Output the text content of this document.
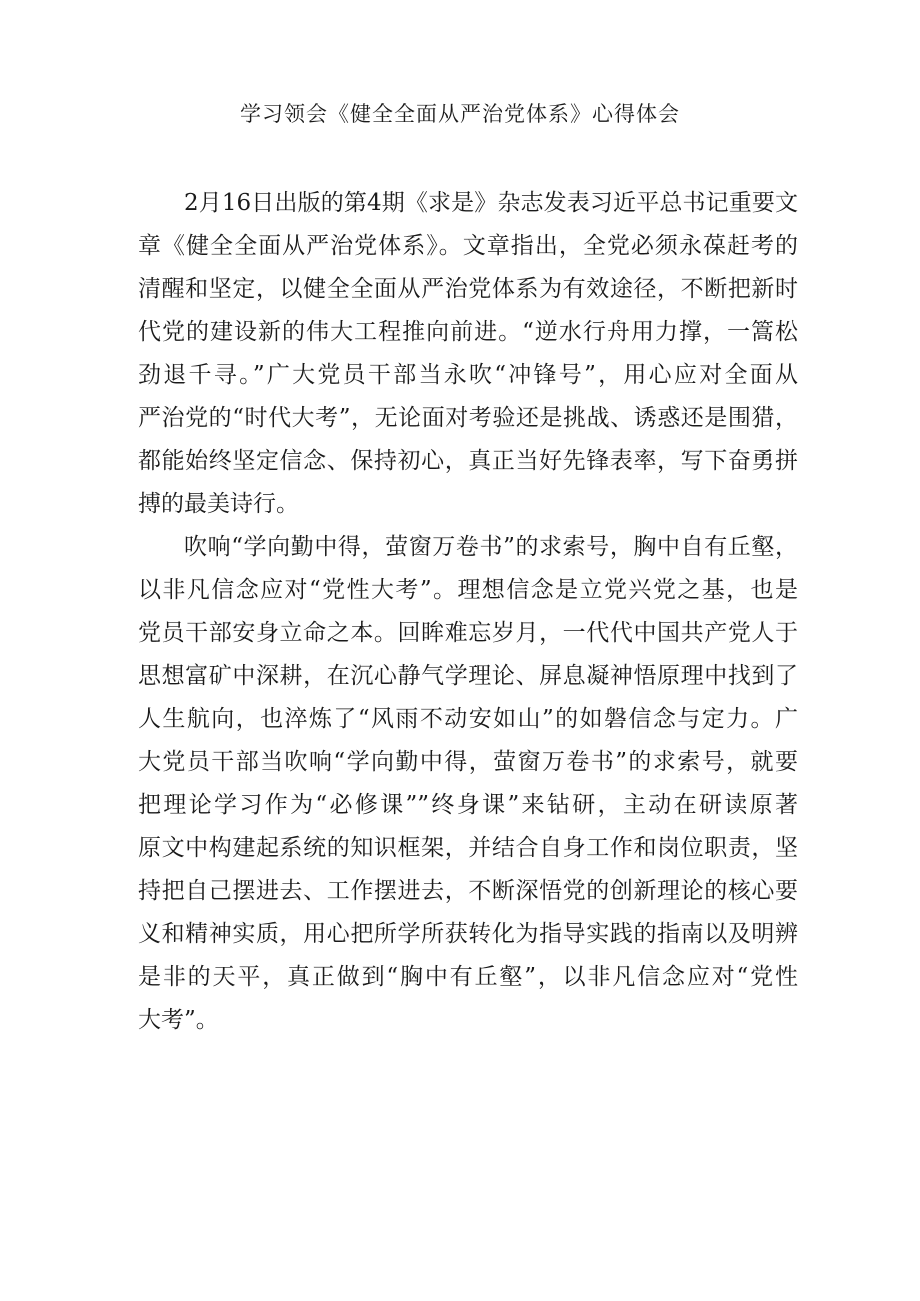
学习领会《健全全面从严治党体系》心得体会

2月16日出版的第4期《求是》杂志发表习近平总书记重要文
章《健全全面从严治党体系》。文章指出，全党必须永葆赶考的
清醒和坚定，以健全全面从严治党体系为有效途径，不断把新时
代党的建设新的伟大工程推向前进。“逆水行舟用力撑，一篙松
劲退千寻。”广大党员干部当永吹“冲锋号”，用心应对全面从
严治党的“时代大考”，无论面对考验还是挑战、诱惑还是围猎，
都能始终坚定信念、保持初心，真正当好先锋表率，写下奋勇拼
搏的最美诗行。

吹响“学向勤中得，萤窗万卷书”的求索号，胸中自有丘壑，
以非凡信念应对“党性大考”。理想信念是立党兴党之基，也是
党员干部安身立命之本。回眸难忘岁月，一代代中国共产党人于
思想富矿中深耕，在沉心静气学理论、屏息凝神悟原理中找到了
人生航向，也淬炼了“风雨不动安如山”的如磐信念与定力。广
大党员干部当吹响“学向勤中得，萤窗万卷书”的求索号，就要
把理论学习作为“必修课””终身课”来钻研，主动在研读原著
原文中构建起系统的知识框架，并结合自身工作和岗位职责，坚
持把自己摆进去、工作摆进去，不断深悟党的创新理论的核心要
义和精神实质，用心把所学所获转化为指导实践的指南以及明辨
是非的天平，真正做到“胸中有丘壑”，以非凡信念应对“党性
大考”。
